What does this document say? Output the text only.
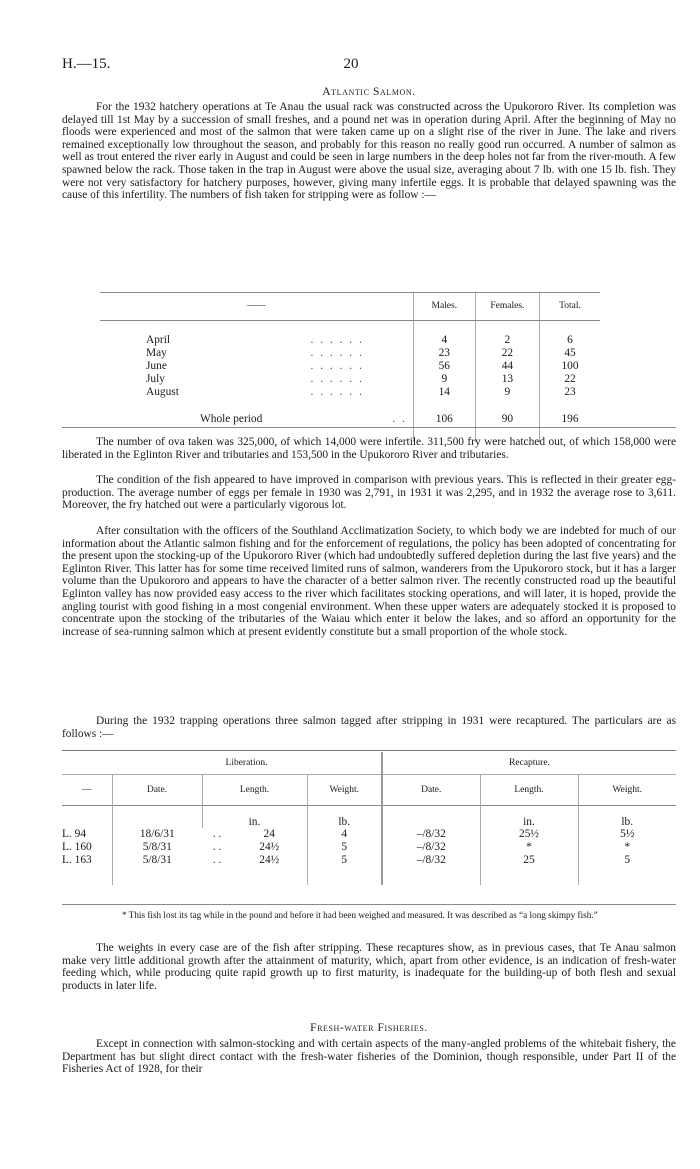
H.—15.	20
Atlantic Salmon.

For the 1932 hatchery operations at Te Anau the usual rack was constructed across the Upukororo River. Its completion was delayed till 1st May by a succession of small freshes, and a pound net was in operation during April. After the beginning of May no floods were experienced and most of the salmon that were taken came up on a slight rise of the river in June. The lake and rivers remained exceptionally low throughout the season, and probably for this reason no really good run occurred. A number of salmon as well as trout entered the river early in August and could be seen in large numbers in the deep holes not far from the river-mouth. A few spawned below the rack. Those taken in the trap in August were above the usual size, averaging about 7 lb. with one 15 lb. fish. They were not very satisfactory for hatchery purposes, however, giving many infertile eggs. It is probable that delayed spawning was the cause of this infertility. The numbers of fish taken for stripping were as follow :—

——		Males.	Females.	Total.

April	. . . . . .	4	2	6
May	. . . . . .	23	22	45
June	. . . . . .	56	44	100
July	. . . . . .	9	13	22
August	. . . . . .	14	9	23

Whole period	. .	106	90	196

The number of ova taken was 325,000, of which 14,000 were infertile. 311,500 fry were hatched out, of which 158,000 were liberated in the Eglinton River and tributaries and 153,500 in the Upukororo River and tributaries.

The condition of the fish appeared to have improved in comparison with previous years. This is reflected in their greater egg-production. The average number of eggs per female in 1930 was 2,791, in 1931 it was 2,295, and in 1932 the average rose to 3,611. Moreover, the fry hatched out were a particularly vigorous lot.

After consultation with the officers of the Southland Acclimatization Society, to which body we are indebted for much of our information about the Atlantic salmon fishing and for the enforcement of regulations, the policy has been adopted of concentrating for the present upon the stocking-up of the Upukororo River (which had undoubtedly suffered depletion during the last five years) and the Eglinton River. This latter has for some time received limited runs of salmon, wanderers from the Upukororo stock, but it has a larger volume than the Upukororo and appears to have the character of a better salmon river. The recently constructed road up the beautiful Eglinton valley has now provided easy access to the river which facilitates stocking operations, and will later, it is hoped, provide the angling tourist with good fishing in a most congenial environment. When these upper waters are adequately stocked it is proposed to concentrate upon the stocking of the tributaries of the Waiau which enter it below the lakes, and so afford an opportunity for the increase of sea-running salmon which at present evidently constitute but a small proportion of the whole stock.

During the 1932 trapping operations three salmon tagged after stripping in 1931 were recaptured. The particulars are as follows :—

	Liberation.				Recapture.		
—	Date.	Length.		Weight.	Date.	Length.	Weight.
		in.		lb.		in.	lb.
L. 94	18/6/31	. .	24	4	–/8/32	25½	5½
L. 160	5/8/31	. .	24½	5	–/8/32	*	*
L. 163	5/8/31	. .	24½	5	–/8/32	25	5

* This fish lost its tag while in the pound and before it had been weighed and measured. It was described as “a long skimpy fish.”

The weights in every case are of the fish after stripping. These recaptures show, as in previous cases, that Te Anau salmon make very little additional growth after the attainment of maturity, which, apart from other evidence, is an indication of fresh-water feeding which, while producing quite rapid growth up to first maturity, is inadequate for the building-up of both flesh and sexual products in later life.

Fresh-water Fisheries.

Except in connection with salmon-stocking and with certain aspects of the many-angled problems of the whitebait fishery, the Department has but slight direct contact with the fresh-water fisheries of the Dominion, though responsible, under Part II of the Fisheries Act of 1928, for their
